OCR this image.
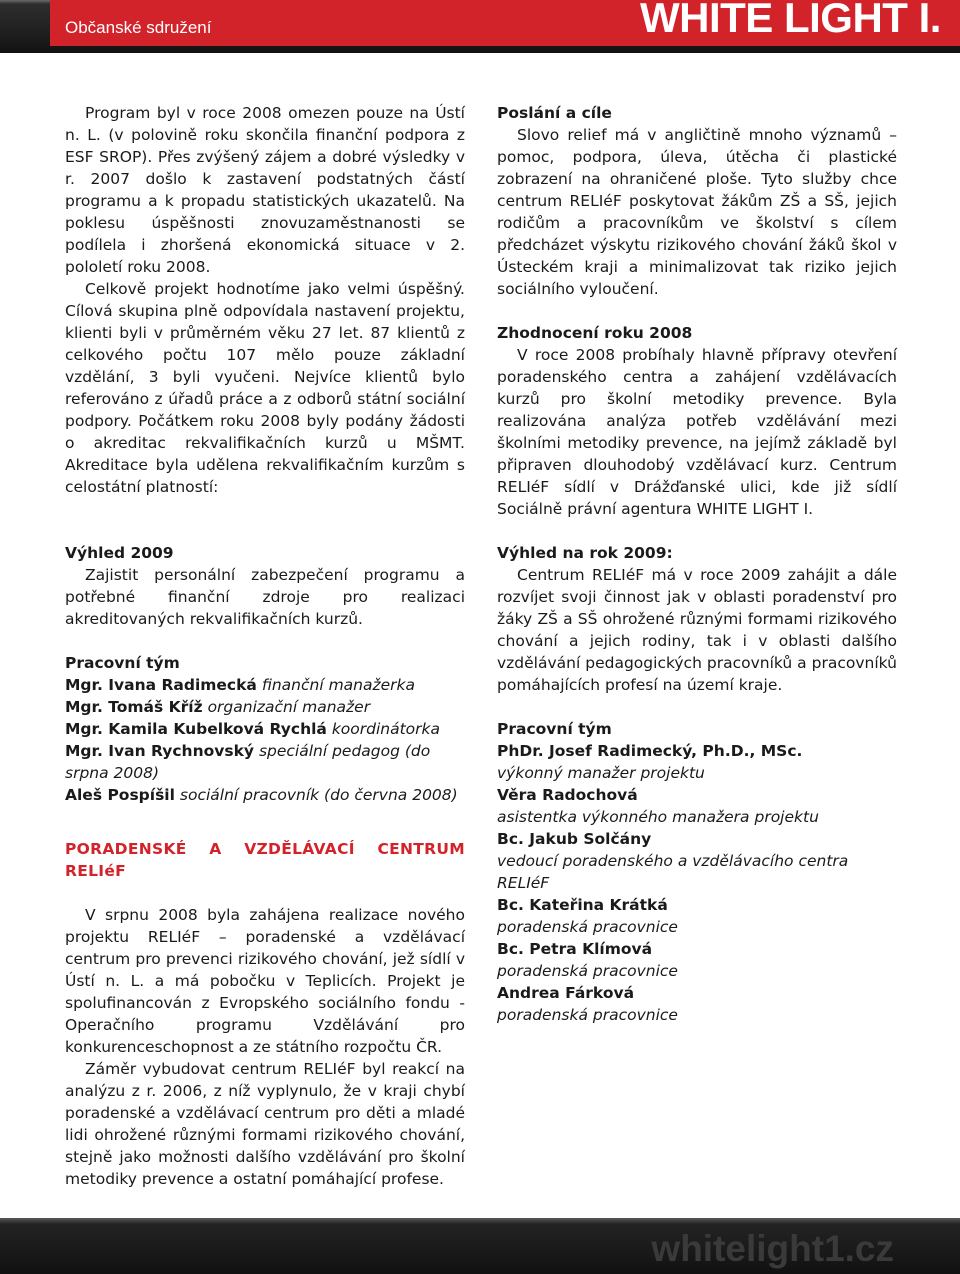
Občanské sdružení	WHITE LIGHT I.

Program byl v roce 2008 omezen pouze na Ústí n. L. (v polovině roku skončila finanční podpora z ESF SROP). Přes zvýšený zájem a dobré výsledky v r. 2007 došlo k zastavení podstatných částí programu a k propadu statistických ukazatelů. Na poklesu úspěšnosti znovuzaměstnanosti se podílela i zhoršená ekonomická situace v 2. pololetí roku 2008.

Celkově projekt hodnotíme jako velmi úspěšný. Cílová skupina plně odpovídala nastavení projektu, klienti byli v průměrném věku 27 let. 87 klientů z celkového počtu 107 mělo pouze základní vzdělání, 3 byli vyučeni. Nejvíce klientů bylo referováno z úřadů práce a z odborů státní sociální podpory. Počátkem roku 2008 byly podány žádosti o akreditac rekvalifikačních kurzů u MŠMT. Akreditace byla udělena rekvalifikačním kurzům s celostátní platností:

Výhled 2009

Zajistit personální zabezpečení programu a potřebné finanční zdroje pro realizaci akreditovaných rekvalifikačních kurzů.

Pracovní tým

Mgr. Ivana Radimecká finanční manažerka

Mgr. Tomáš Kříž organizační manažer

Mgr. Kamila Kubelková Rychlá koordinátorka

Mgr. Ivan Rychnovský speciální pedagog (do srpna 2008)

Aleš Pospíšil sociální pracovník (do června 2008)

PORADENSKÉ A VZDĚLÁVACÍ CENTRUM RELIéF

V srpnu 2008 byla zahájena realizace nového projektu RELIéF – poradenské a vzdělávací centrum pro prevenci rizikového chování, jež sídlí v Ústí n. L. a má pobočku v Teplicích. Projekt je spolufinancován z Evropského sociálního fondu - Operačního programu Vzdělávání pro konkurenceschopnost a ze státního rozpočtu ČR.

Záměr vybudovat centrum RELIéF byl reakcí na analýzu z r. 2006, z níž vyplynulo, že v kraji chybí poradenské a vzdělávací centrum pro děti a mladé lidi ohrožené různými formami rizikového chování, stejně jako možnosti dalšího vzdělávání pro školní metodiky prevence a ostatní pomáhající profese.

Poslání a cíle

Slovo relief má v angličtině mnoho významů – pomoc, podpora, úleva, útěcha či plastické zobrazení na ohraničené ploše. Tyto služby chce centrum RELIéF poskytovat žákům ZŠ a SŠ, jejich rodičům a pracovníkům ve školství s cílem předcházet výskytu rizikového chování žáků škol v Ústeckém kraji a minimalizovat tak riziko jejich sociálního vyloučení.

Zhodnocení roku 2008

V roce 2008 probíhaly hlavně přípravy otevření poradenského centra a zahájení vzdělávacích kurzů pro školní metodiky prevence. Byla realizována analýza potřeb vzdělávání mezi školními metodiky prevence, na jejímž základě byl připraven dlouhodobý vzdělávací kurz. Centrum RELIéF sídlí v Drážďanské ulici, kde již sídlí Sociálně právní agentura WHITE LIGHT I.

Výhled na rok 2009:

Centrum RELIéF má v roce 2009 zahájit a dále rozvíjet svoji činnost jak v oblasti poradenství pro žáky ZŠ a SŠ ohrožené různými formami rizikového chování a jejich rodiny, tak i v oblasti dalšího vzdělávání pedagogických pracovníků a pracovníků pomáhajících profesí na území kraje.

Pracovní tým

PhDr. Josef Radimecký, Ph.D., MSc.

výkonný manažer projektu

Věra Radochová

asistentka výkonného manažera projektu

Bc. Jakub Solčány

vedoucí poradenského a vzdělávacího centra RELIéF

Bc. Kateřina Krátká

poradenská pracovnice

Bc. Petra Klímová

poradenská pracovnice

Andrea Fárková

poradenská pracovnice

whitelight1.cz
